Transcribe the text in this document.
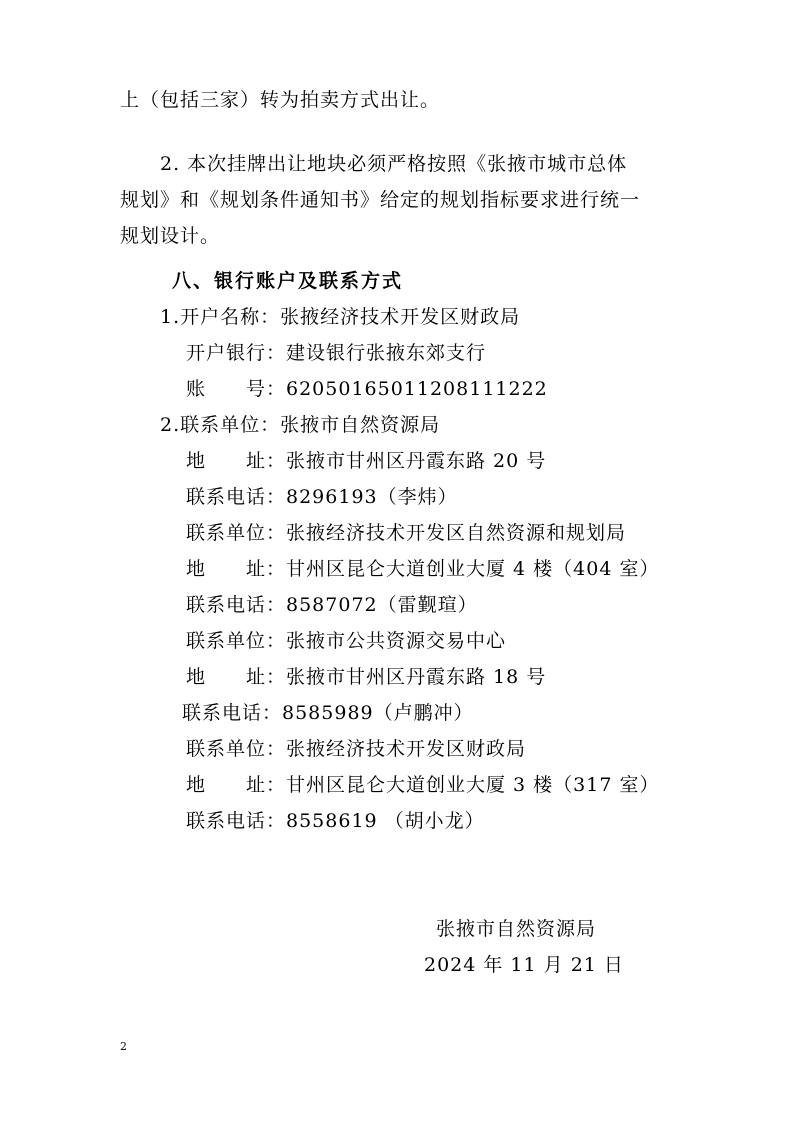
上（包括三家）转为拍卖方式出让。
2. 本次挂牌出让地块必须严格按照《张掖市城市总体
规划》和《规划条件通知书》给定的规划指标要求进行统一
规划设计。
八、银行账户及联系方式
1.开户名称：张掖经济技术开发区财政局
开户银行：建设银行张掖东郊支行
账　　号：62050165011208111222
2.联系单位：张掖市自然资源局
地　　址：张掖市甘州区丹霞东路 20 号
联系电话：8296193（李炜）
联系单位：张掖经济技术开发区自然资源和规划局
地　　址：甘州区昆仑大道创业大厦 4 楼（404 室）
联系电话：8587072（雷觐瑄）
联系单位：张掖市公共资源交易中心
地　　址：张掖市甘州区丹霞东路 18 号
联系电话：8585989（卢鹏冲）
联系单位：张掖经济技术开发区财政局
地　　址：甘州区昆仑大道创业大厦 3 楼（317 室）
联系电话：8558619 （胡小龙）
张掖市自然资源局
2024 年 11 月 21 日
2
